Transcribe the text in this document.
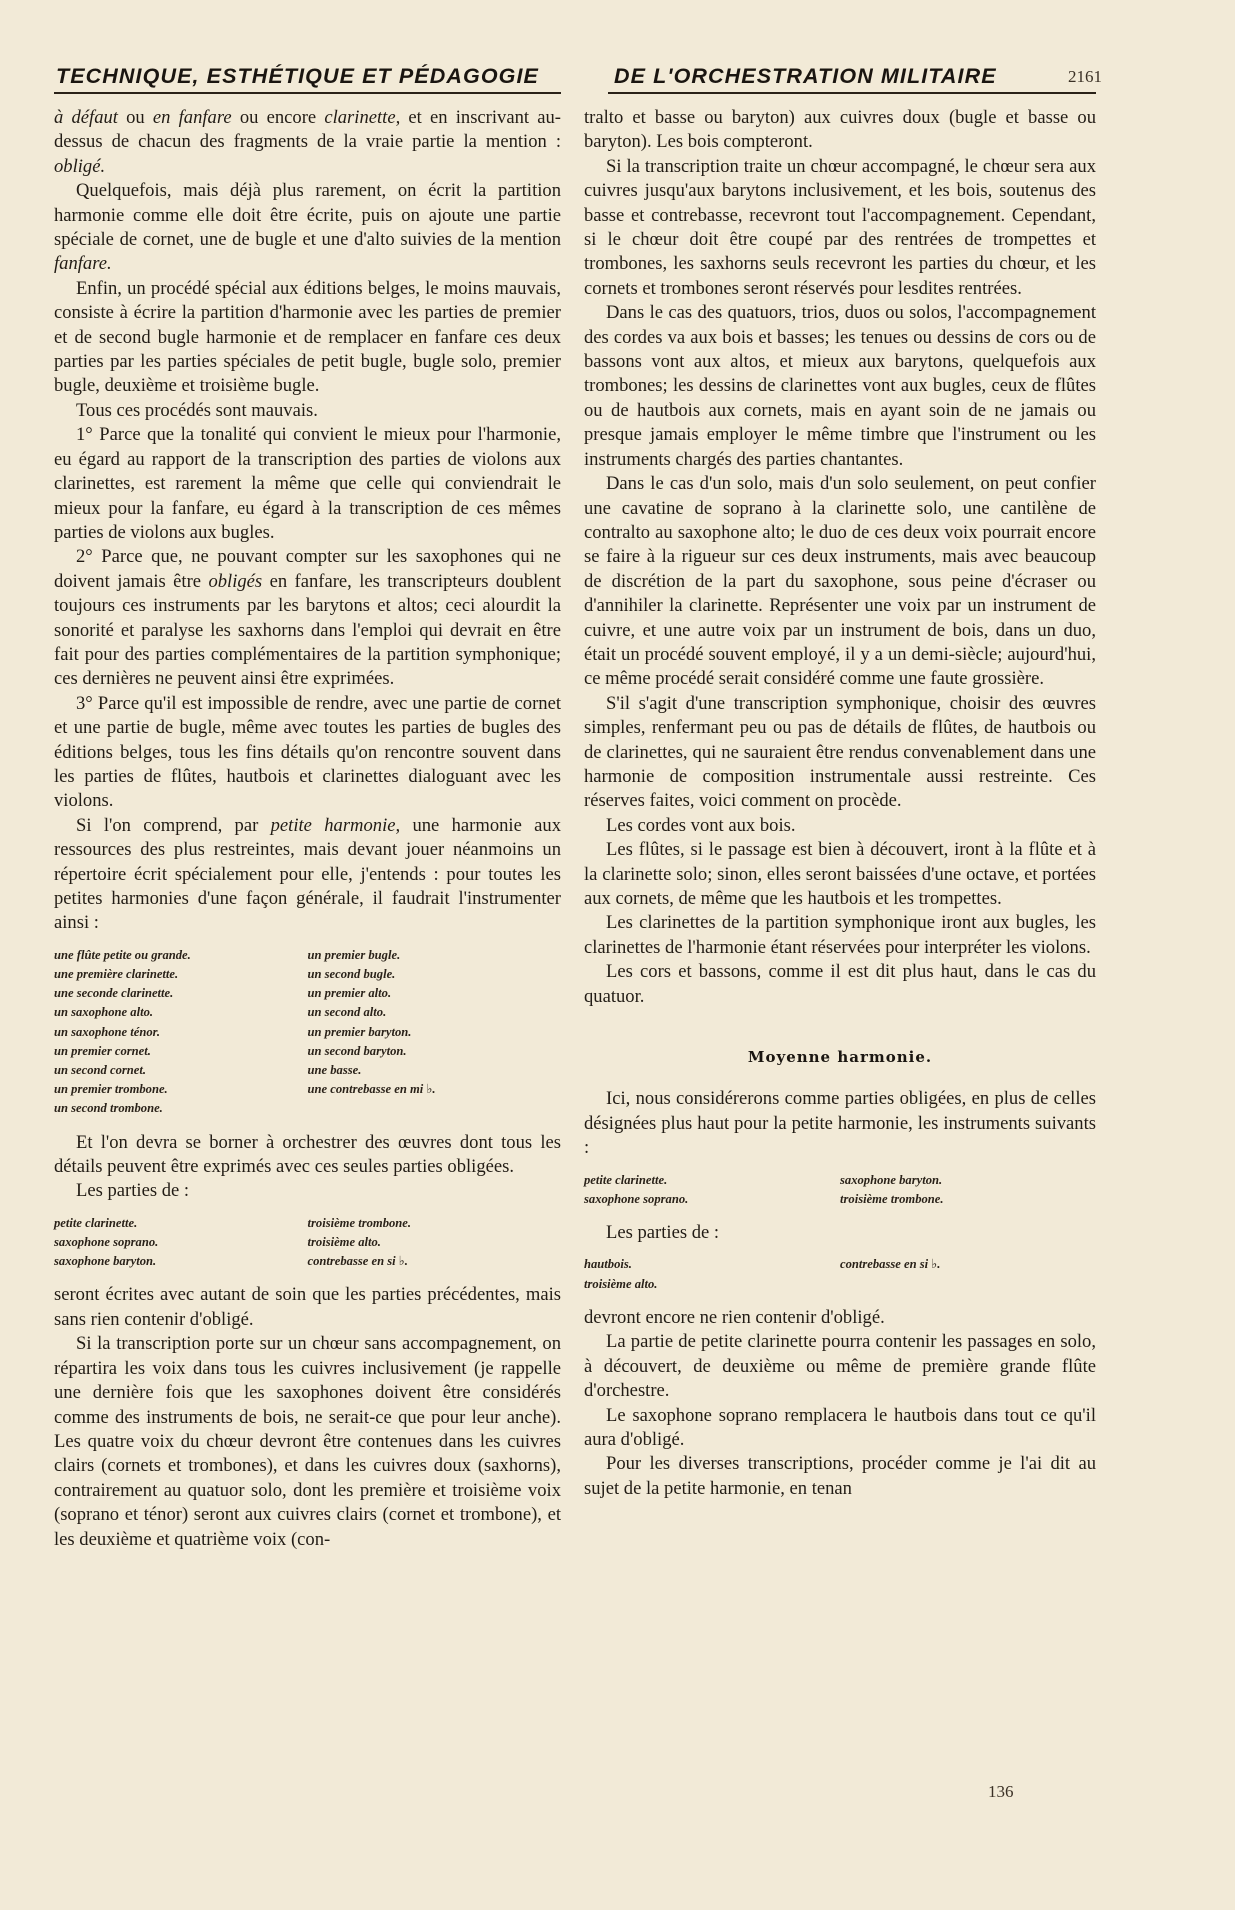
TECHNIQUE, ESTHÉTIQUE ET PÉDAGOGIE	DE L'ORCHESTRATION MILITAIRE	2161

à défaut ou en fanfare ou encore clarinette, et en inscrivant au-dessus de chacun des fragments de la vraie partie la mention : obligé.

Quelquefois, mais déjà plus rarement, on écrit la partition harmonie comme elle doit être écrite, puis on ajoute une partie spéciale de cornet, une de bugle et une d'alto suivies de la mention fanfare.

Enfin, un procédé spécial aux éditions belges, le moins mauvais, consiste à écrire la partition d'harmonie avec les parties de premier et de second bugle harmonie et de remplacer en fanfare ces deux parties par les parties spéciales de petit bugle, bugle solo, premier bugle, deuxième et troisième bugle.

Tous ces procédés sont mauvais.

1° Parce que la tonalité qui convient le mieux pour l'harmonie, eu égard au rapport de la transcription des parties de violons aux clarinettes, est rarement la même que celle qui conviendrait le mieux pour la fanfare, eu égard à la transcription de ces mêmes parties de violons aux bugles.

2° Parce que, ne pouvant compter sur les saxophones qui ne doivent jamais être obligés en fanfare, les transcripteurs doublent toujours ces instruments par les barytons et altos; ceci alourdit la sonorité et paralyse les saxhorns dans l'emploi qui devrait en être fait pour des parties complémentaires de la partition symphonique; ces dernières ne peuvent ainsi être exprimées.

3° Parce qu'il est impossible de rendre, avec une partie de cornet et une partie de bugle, même avec toutes les parties de bugles des éditions belges, tous les fins détails qu'on rencontre souvent dans les parties de flûtes, hautbois et clarinettes dialoguant avec les violons.

Si l'on comprend, par petite harmonie, une harmonie aux ressources des plus restreintes, mais devant jouer néanmoins un répertoire écrit spécialement pour elle, j'entends : pour toutes les petites harmonies d'une façon générale, il faudrait l'instrumenter ainsi :

une flûte petite ou grande.
une première clarinette.
une seconde clarinette.
un saxophone alto.
un saxophone ténor.
un premier cornet.
un second cornet.
un premier trombone.
un second trombone.
un premier bugle.
un second bugle.
un premier alto.
un second alto.
un premier baryton.
un second baryton.
une basse.
une contrebasse en mi ♭.

Et l'on devra se borner à orchestrer des œuvres dont tous les détails peuvent être exprimés avec ces seules parties obligées.

Les parties de :

petite clarinette.
saxophone soprano.
saxophone baryton.
troisième trombone.
troisième alto.
contrebasse en si ♭.

seront écrites avec autant de soin que les parties précédentes, mais sans rien contenir d'obligé.

Si la transcription porte sur un chœur sans accompagnement, on répartira les voix dans tous les cuivres inclusivement (je rappelle une dernière fois que les saxophones doivent être considérés comme des instruments de bois, ne serait-ce que pour leur anche). Les quatre voix du chœur devront être contenues dans les cuivres clairs (cornets et trombones), et dans les cuivres doux (saxhorns), contrairement au quatuor solo, dont les première et troisième voix (soprano et ténor) seront aux cuivres clairs (cornet et trombone), et les deuxième et quatrième voix (con-

tralto et basse ou baryton) aux cuivres doux (bugle et basse ou baryton). Les bois compteront.

Si la transcription traite un chœur accompagné, le chœur sera aux cuivres jusqu'aux barytons inclusivement, et les bois, soutenus des basse et contrebasse, recevront tout l'accompagnement. Cependant, si le chœur doit être coupé par des rentrées de trompettes et trombones, les saxhorns seuls recevront les parties du chœur, et les cornets et trombones seront réservés pour lesdites rentrées.

Dans le cas des quatuors, trios, duos ou solos, l'accompagnement des cordes va aux bois et basses; les tenues ou dessins de cors ou de bassons vont aux altos, et mieux aux barytons, quelquefois aux trombones; les dessins de clarinettes vont aux bugles, ceux de flûtes ou de hautbois aux cornets, mais en ayant soin de ne jamais ou presque jamais employer le même timbre que l'instrument ou les instruments chargés des parties chantantes.

Dans le cas d'un solo, mais d'un solo seulement, on peut confier une cavatine de soprano à la clarinette solo, une cantilène de contralto au saxophone alto; le duo de ces deux voix pourrait encore se faire à la rigueur sur ces deux instruments, mais avec beaucoup de discrétion de la part du saxophone, sous peine d'écraser ou d'annihiler la clarinette. Représenter une voix par un instrument de cuivre, et une autre voix par un instrument de bois, dans un duo, était un procédé souvent employé, il y a un demi-siècle; aujourd'hui, ce même procédé serait considéré comme une faute grossière.

S'il s'agit d'une transcription symphonique, choisir des œuvres simples, renfermant peu ou pas de détails de flûtes, de hautbois ou de clarinettes, qui ne sauraient être rendus convenablement dans une harmonie de composition instrumentale aussi restreinte. Ces réserves faites, voici comment on procède.

Les cordes vont aux bois.

Les flûtes, si le passage est bien à découvert, iront à la flûte et à la clarinette solo; sinon, elles seront baissées d'une octave, et portées aux cornets, de même que les hautbois et les trompettes.

Les clarinettes de la partition symphonique iront aux bugles, les clarinettes de l'harmonie étant réservées pour interpréter les violons.

Les cors et bassons, comme il est dit plus haut, dans le cas du quatuor.

Moyenne harmonie.

Ici, nous considérerons comme parties obligées, en plus de celles désignées plus haut pour la petite harmonie, les instruments suivants :

petite clarinette.
saxophone soprano.
saxophone baryton.
troisième trombone.

Les parties de :

hautbois.
troisième alto.
contrebasse en si ♭.

devront encore ne rien contenir d'obligé.

La partie de petite clarinette pourra contenir les passages en solo, à découvert, de deuxième ou même de première grande flûte d'orchestre.

Le saxophone soprano remplacera le hautbois dans tout ce qu'il aura d'obligé.

Pour les diverses transcriptions, procéder comme je l'ai dit au sujet de la petite harmonie, en tenan

136
